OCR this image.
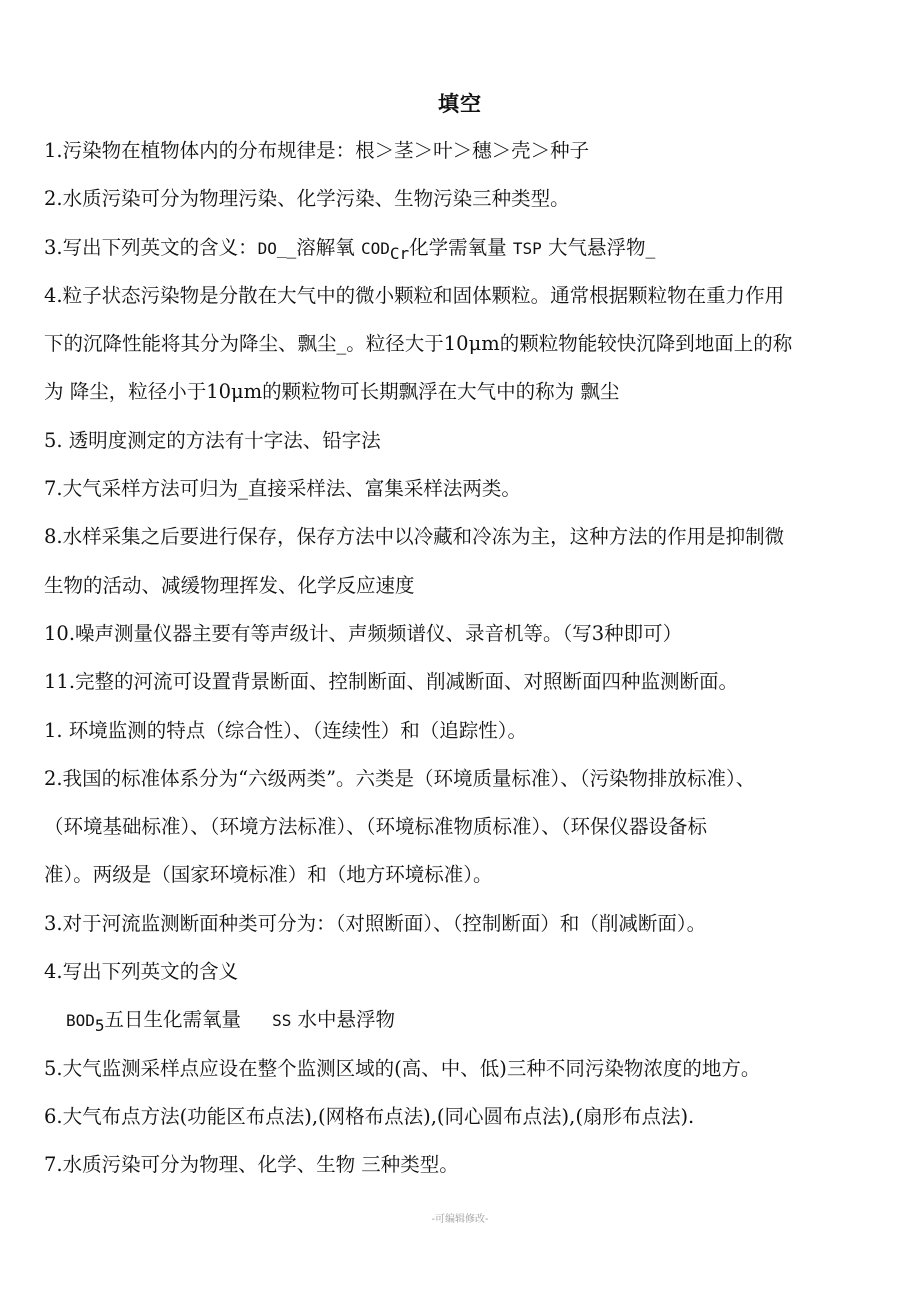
填空
1.污染物在植物体内的分布规律是：根＞茎＞叶＞穗＞壳＞种子
2.水质污染可分为物理污染、化学污染、生物污染三种类型。
3.写出下列英文的含义：DO__溶解氧 $COD_{Cr}$化学需氧量 TSP 大气悬浮物_
4.粒子状态污染物是分散在大气中的微小颗粒和固体颗粒。通常根据颗粒物在重力作用
下的沉降性能将其分为降尘、飘尘_。粒径大于10μm的颗粒物能较快沉降到地面上的称
为 降尘，粒径小于10μm的颗粒物可长期飘浮在大气中的称为 飘尘
5. 透明度测定的方法有十字法、铅字法
7.大气采样方法可归为_直接采样法、富集采样法两类。
8.水样采集之后要进行保存，保存方法中以冷藏和冷冻为主，这种方法的作用是抑制微
生物的活动、减缓物理挥发、化学反应速度
10.噪声测量仪器主要有等声级计、声频频谱仪、录音机等。（写3种即可）
11.完整的河流可设置背景断面、控制断面、削减断面、对照断面四种监测断面。
1. 环境监测的特点（综合性）、（连续性）和（追踪性）。
2.我国的标准体系分为“六级两类”。六类是（环境质量标准）、（污染物排放标准）、
（环境基础标准）、（环境方法标准）、（环境标准物质标准）、（环保仪器设备标
准）。两级是（国家环境标准）和（地方环境标准）。
3.对于河流监测断面种类可分为：（对照断面）、（控制断面）和（削减断面）。
4.写出下列英文的含义
$BOD_5$五日生化需氧量 SS 水中悬浮物
5.大气监测采样点应设在整个监测区域的(高、中、低)三种不同污染物浓度的地方。
6.大气布点方法(功能区布点法),(网格布点法),(同心圆布点法),(扇形布点法).
7.水质污染可分为物理、化学、生物 三种类型。
-可编辑修改-
